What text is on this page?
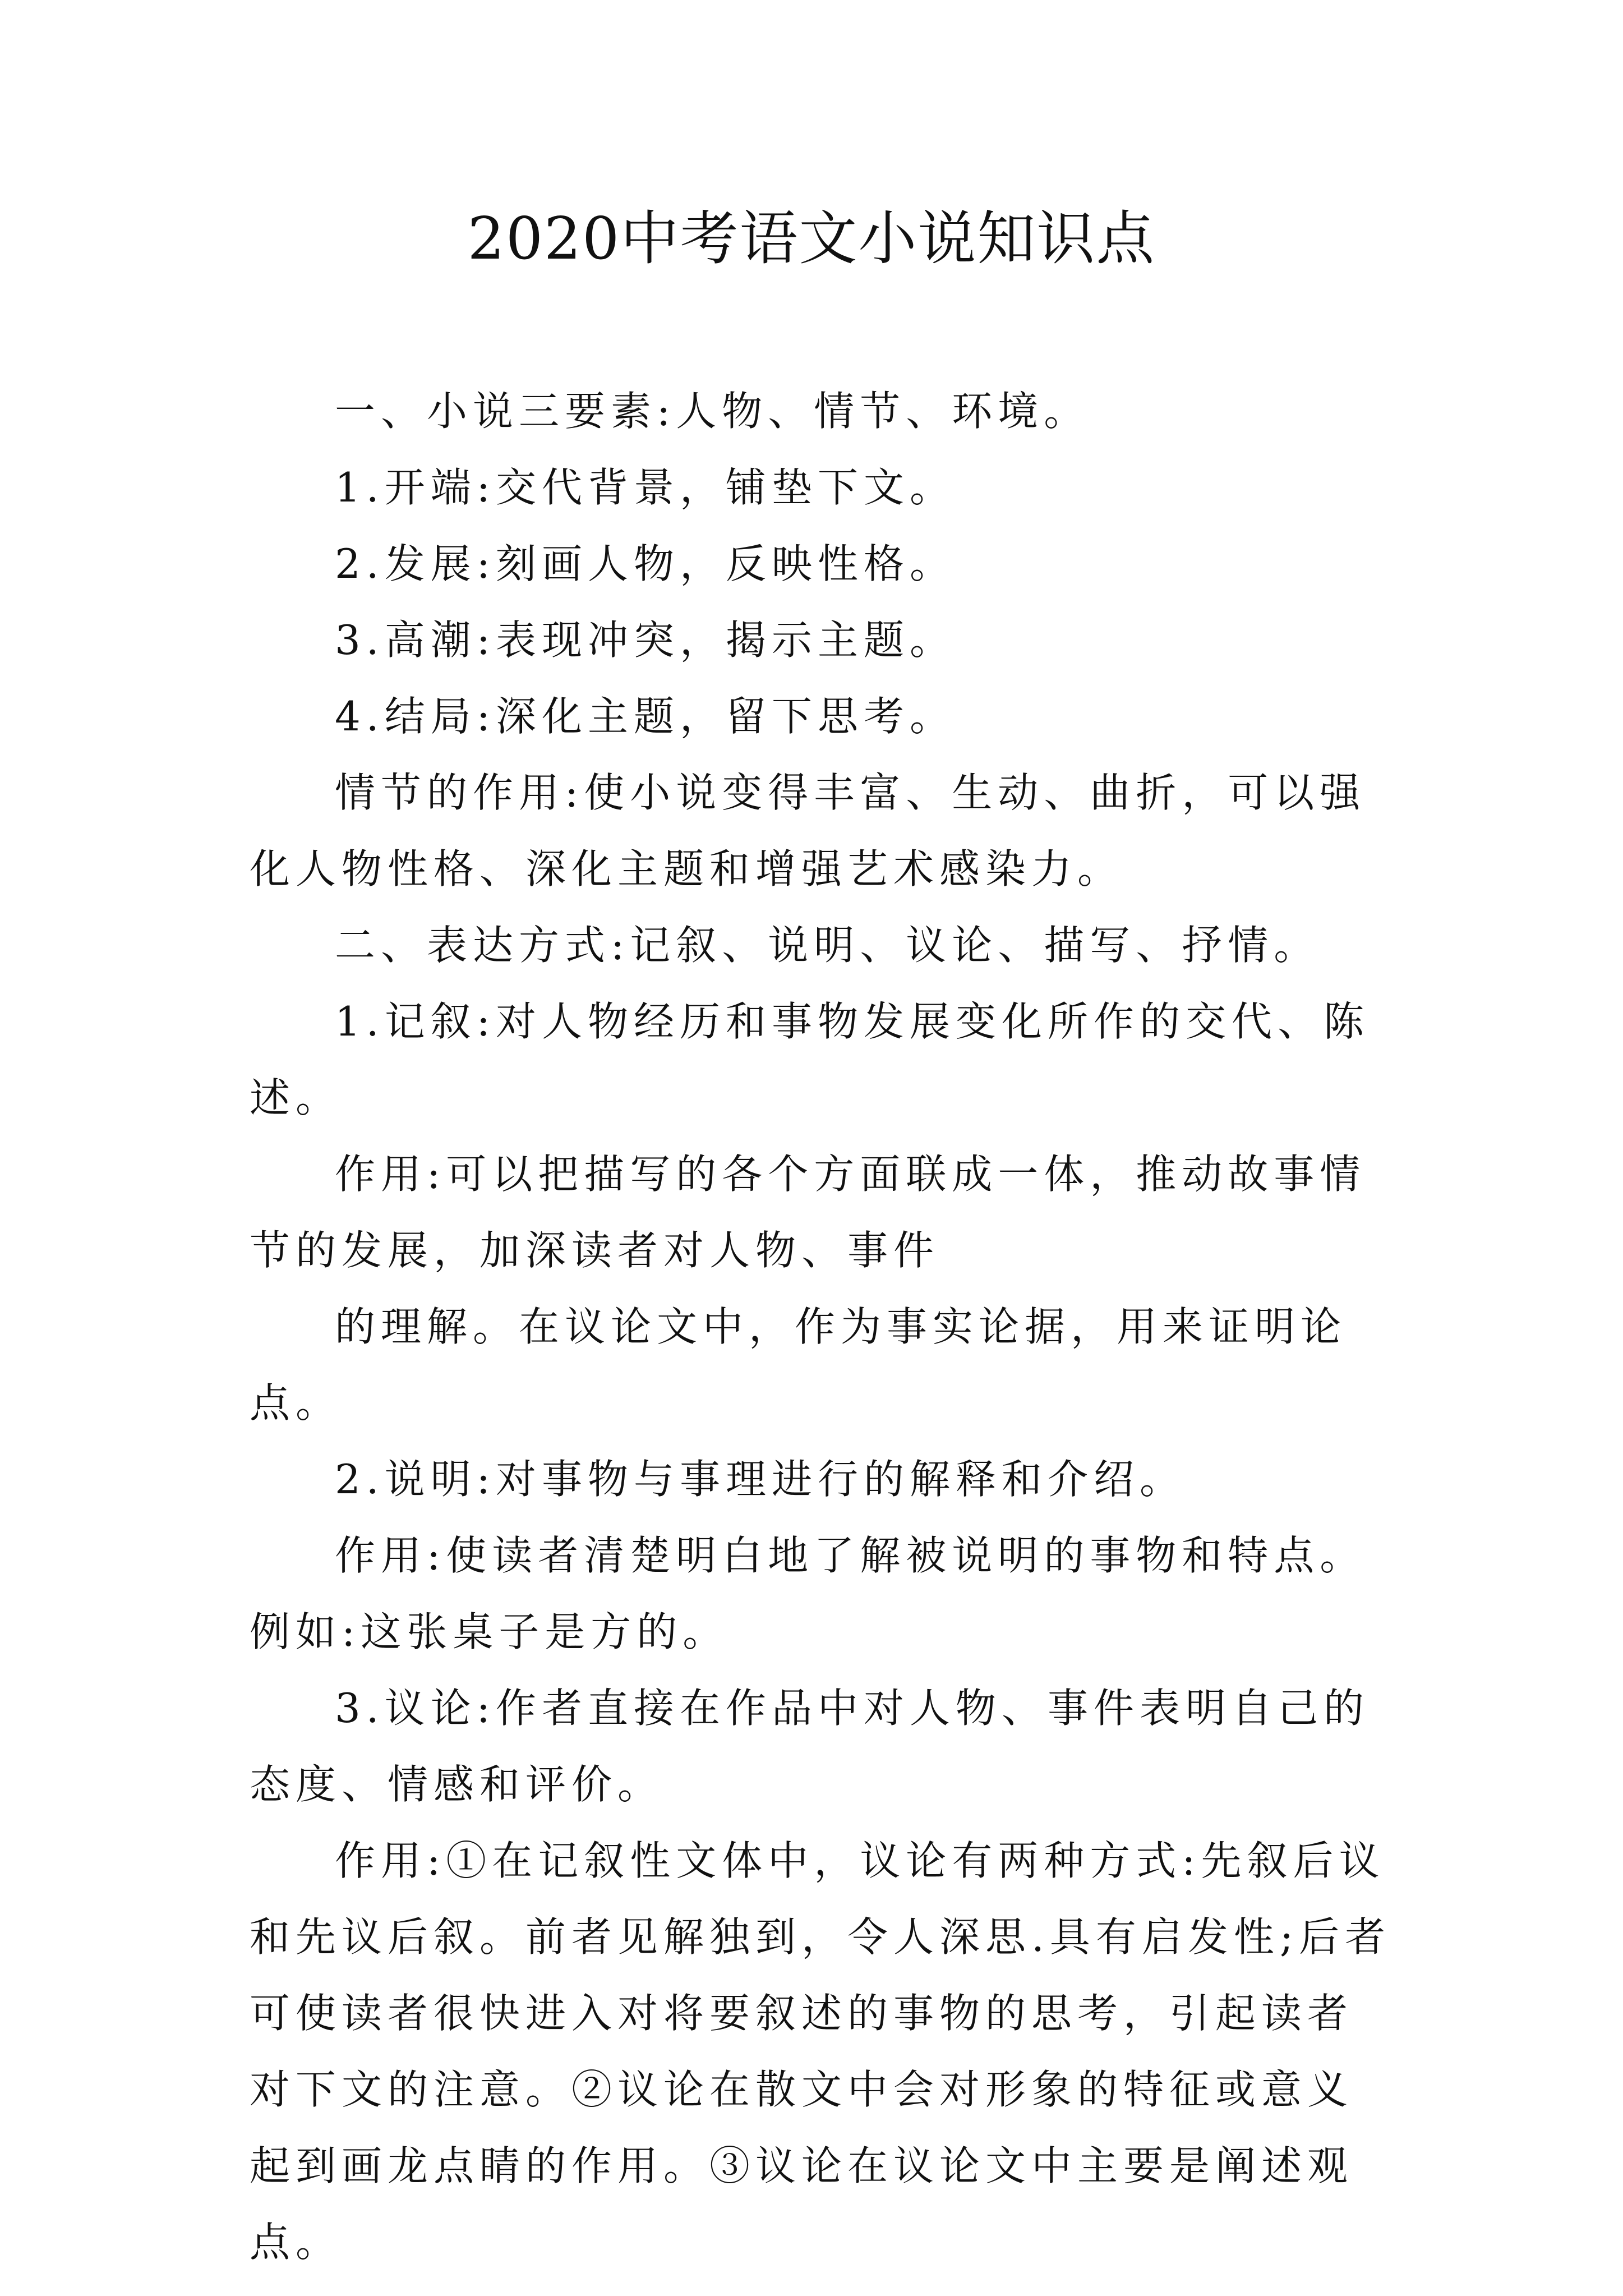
2020中考语文小说知识点

一、小说三要素:人物、情节、环境。

1.开端:交代背景，铺垫下文。

2.发展:刻画人物，反映性格。

3.高潮:表现冲突，揭示主题。

4.结局:深化主题，留下思考。

情节的作用:使小说变得丰富、生动、曲折，可以强化人物性格、深化主题和增强艺术感染力。

二、表达方式:记叙、说明、议论、描写、抒情。

1.记叙:对人物经历和事物发展变化所作的交代、陈述。

作用:可以把描写的各个方面联成一体，推动故事情节的发展，加深读者对人物、事件

的理解。在议论文中，作为事实论据，用来证明论点。

2.说明:对事物与事理进行的解释和介绍。

作用:使读者清楚明白地了解被说明的事物和特点。例如:这张桌子是方的。

3.议论:作者直接在作品中对人物、事件表明自己的态度、情感和评价。

作用:①在记叙性文体中，议论有两种方式:先叙后议和先议后叙。前者见解独到，令人深思.具有启发性;后者可使读者很快进入对将要叙述的事物的思考，引起读者对下文的注意。②议论在散文中会对形象的特征或意义起到画龙点睛的作用。③议论在议论文中主要是阐述观点。
